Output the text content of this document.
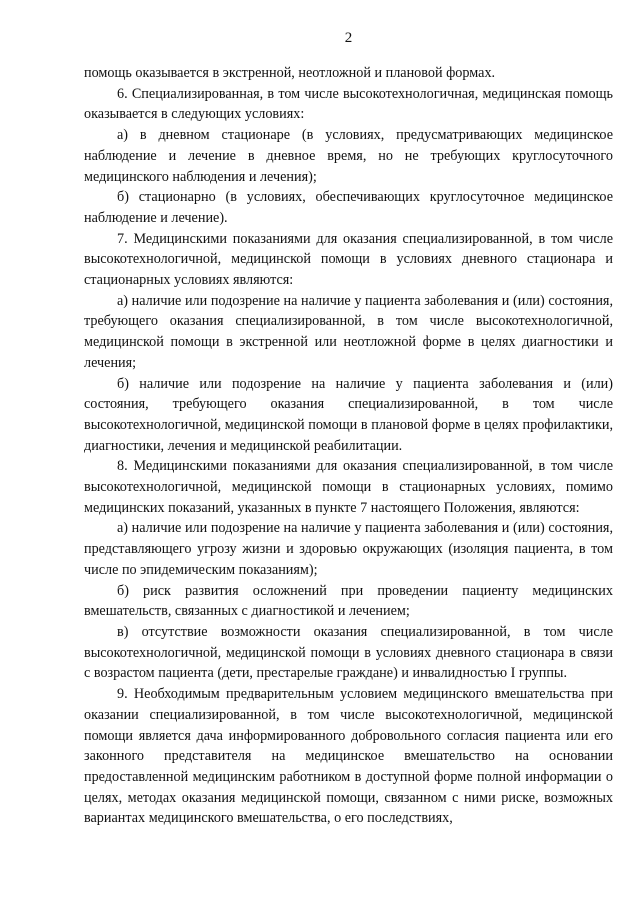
2

помощь оказывается в экстренной, неотложной и плановой формах.

6. Специализированная, в том числе высокотехнологичная, медицинская помощь оказывается в следующих условиях:

а) в дневном стационаре (в условиях, предусматривающих медицинское наблюдение и лечение в дневное время, но не требующих круглосуточного медицинского наблюдения и лечения);

б) стационарно (в условиях, обеспечивающих круглосуточное медицинское наблюдение и лечение).

7. Медицинскими показаниями для оказания специализированной, в том числе высокотехнологичной, медицинской помощи в условиях дневного стационара и стационарных условиях являются:

а) наличие или подозрение на наличие у пациента заболевания и (или) состояния, требующего оказания специализированной, в том числе высокотехнологичной, медицинской помощи в экстренной или неотложной форме в целях диагностики и лечения;

б) наличие или подозрение на наличие у пациента заболевания и (или) состояния, требующего оказания специализированной, в том числе высокотехнологичной, медицинской помощи в плановой форме в целях профилактики, диагностики, лечения и медицинской реабилитации.

8. Медицинскими показаниями для оказания специализированной, в том числе высокотехнологичной, медицинской помощи в стационарных условиях, помимо медицинских показаний, указанных в пункте 7 настоящего Положения, являются:

а) наличие или подозрение на наличие у пациента заболевания и (или) состояния, представляющего угрозу жизни и здоровью окружающих (изоляция пациента, в том числе по эпидемическим показаниям);

б) риск развития осложнений при проведении пациенту медицинских вмешательств, связанных с диагностикой и лечением;

в) отсутствие возможности оказания специализированной, в том числе высокотехнологичной, медицинской помощи в условиях дневного стационара в связи с возрастом пациента (дети, престарелые граждане) и инвалидностью I группы.

9. Необходимым предварительным условием медицинского вмешательства при оказании специализированной, в том числе высокотехнологичной, медицинской помощи является дача информированного добровольного согласия пациента или его законного представителя на медицинское вмешательство на основании предоставленной медицинским работником в доступной форме полной информации о целях, методах оказания медицинской помощи, связанном с ними риске, возможных вариантах медицинского вмешательства, о его последствиях,
